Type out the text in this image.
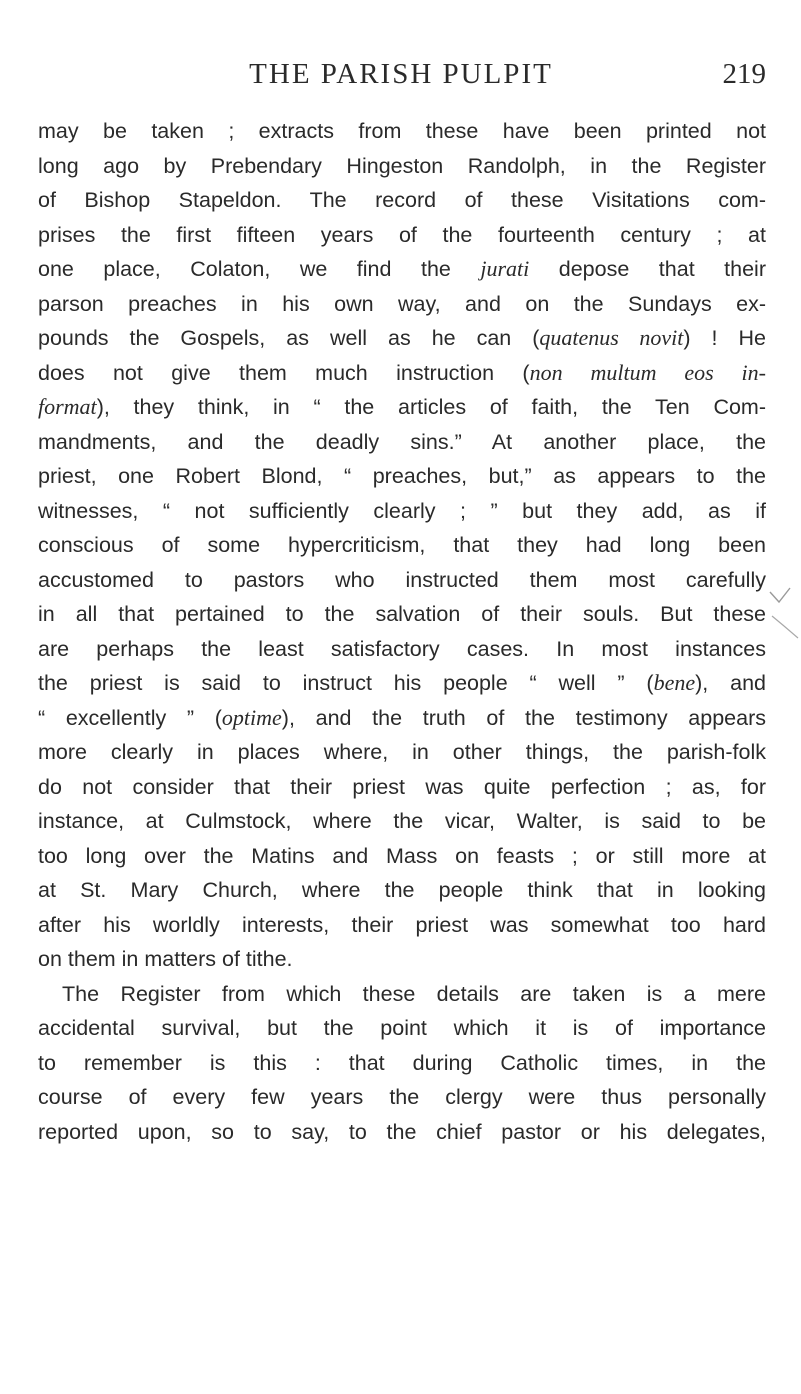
THE PARISH PULPIT	219
may be taken ; extracts from these have been printed not
long ago by Prebendary Hingeston Randolph, in the Register
of Bishop Stapeldon. The record of these Visitations com-
prises the first fifteen years of the fourteenth century ; at
one place, Colaton, we find the jurati depose that their
parson preaches in his own way, and on the Sundays ex-
pounds the Gospels, as well as he can (quatenus novit) ! He
does not give them much instruction (non multum eos in-
format), they think, in “ the articles of faith, the Ten Com-
mandments, and the deadly sins.” At another place, the
priest, one Robert Blond, “ preaches, but,” as appears to the
witnesses, “ not sufficiently clearly ; ” but they add, as if
conscious of some hypercriticism, that they had long been
accustomed to pastors who instructed them most carefully
in all that pertained to the salvation of their souls. But these
are perhaps the least satisfactory cases. In most instances
the priest is said to instruct his people “ well ” (bene), and
“ excellently ” (optime), and the truth of the testimony appears
more clearly in places where, in other things, the parish-folk
do not consider that their priest was quite perfection ; as, for
instance, at Culmstock, where the vicar, Walter, is said to be
too long over the Matins and Mass on feasts ; or still more at
at St. Mary Church, where the people think that in looking
after his worldly interests, their priest was somewhat too hard
on them in matters of tithe.
The Register from which these details are taken is a mere
accidental survival, but the point which it is of importance
to remember is this : that during Catholic times, in the
course of every few years the clergy were thus personally
reported upon, so to say, to the chief pastor or his delegates,
